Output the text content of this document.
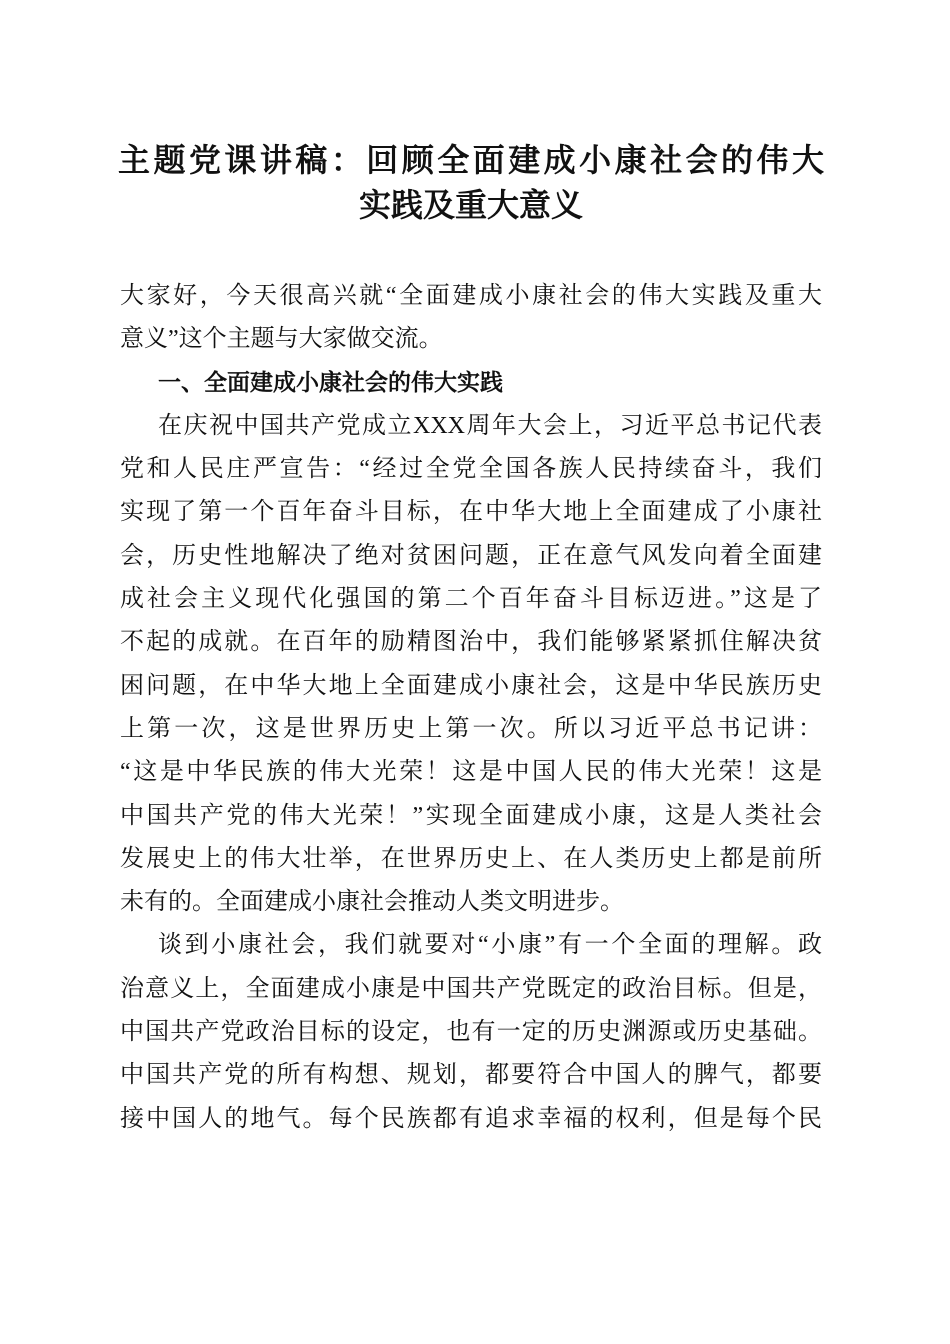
主题党课讲稿：回顾全面建成小康社会的伟大
实践及重大意义
大家好，今天很高兴就“全面建成小康社会的伟大实践及重大
意义”这个主题与大家做交流。
一、全面建成小康社会的伟大实践
在庆祝中国共产党成立XXX周年大会上，习近平总书记代表
党和人民庄严宣告：“经过全党全国各族人民持续奋斗，我们
实现了第一个百年奋斗目标，在中华大地上全面建成了小康社
会，历史性地解决了绝对贫困问题，正在意气风发向着全面建
成社会主义现代化强国的第二个百年奋斗目标迈进。”这是了
不起的成就。在百年的励精图治中，我们能够紧紧抓住解决贫
困问题，在中华大地上全面建成小康社会，这是中华民族历史
上第一次，这是世界历史上第一次。所以习近平总书记讲：
“这是中华民族的伟大光荣！这是中国人民的伟大光荣！这是
中国共产党的伟大光荣！”实现全面建成小康，这是人类社会
发展史上的伟大壮举，在世界历史上、在人类历史上都是前所
未有的。全面建成小康社会推动人类文明进步。
谈到小康社会，我们就要对“小康”有一个全面的理解。政
治意义上，全面建成小康是中国共产党既定的政治目标。但是，
中国共产党政治目标的设定，也有一定的历史渊源或历史基础。
中国共产党的所有构想、规划，都要符合中国人的脾气，都要
接中国人的地气。每个民族都有追求幸福的权利，但是每个民
